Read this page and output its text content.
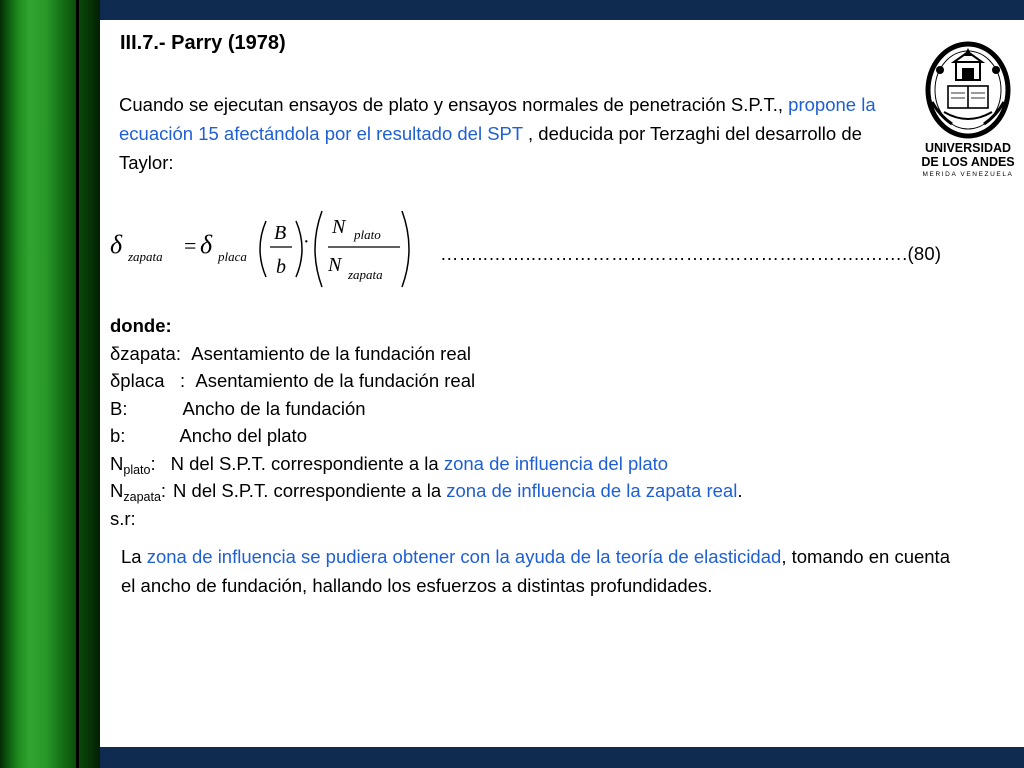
III.7.- Parry (1978)
Cuando se ejecutan ensayos de plato y ensayos normales de penetración S.P.T., propone la ecuación 15 afectándola por el resultado del SPT , deducida por Terzaghi del desarrollo de Taylor:
δ zapata = δ placa
B
b
·
N plato
N zapata
……..……..……………………………………………..…….(80)
donde:
δzapata: Asentamiento de la fundación real
δplaca : Asentamiento de la fundación real
B:	Ancho de la fundación
b:	Ancho del plato
$N_{plato}$: N del S.P.T. correspondiente a la zona de influencia del plato
$N_{zapata}$: N del S.P.T. correspondiente a la zona de influencia de la zapata real.
s.r:
La zona de influencia se pudiera obtener con la ayuda de la teoría de elasticidad, tomando en cuenta el ancho de fundación, hallando los esfuerzos a distintas profundidades.
UNIVERSIDAD
DE LOS ANDES
MERIDA VENEZUELA
